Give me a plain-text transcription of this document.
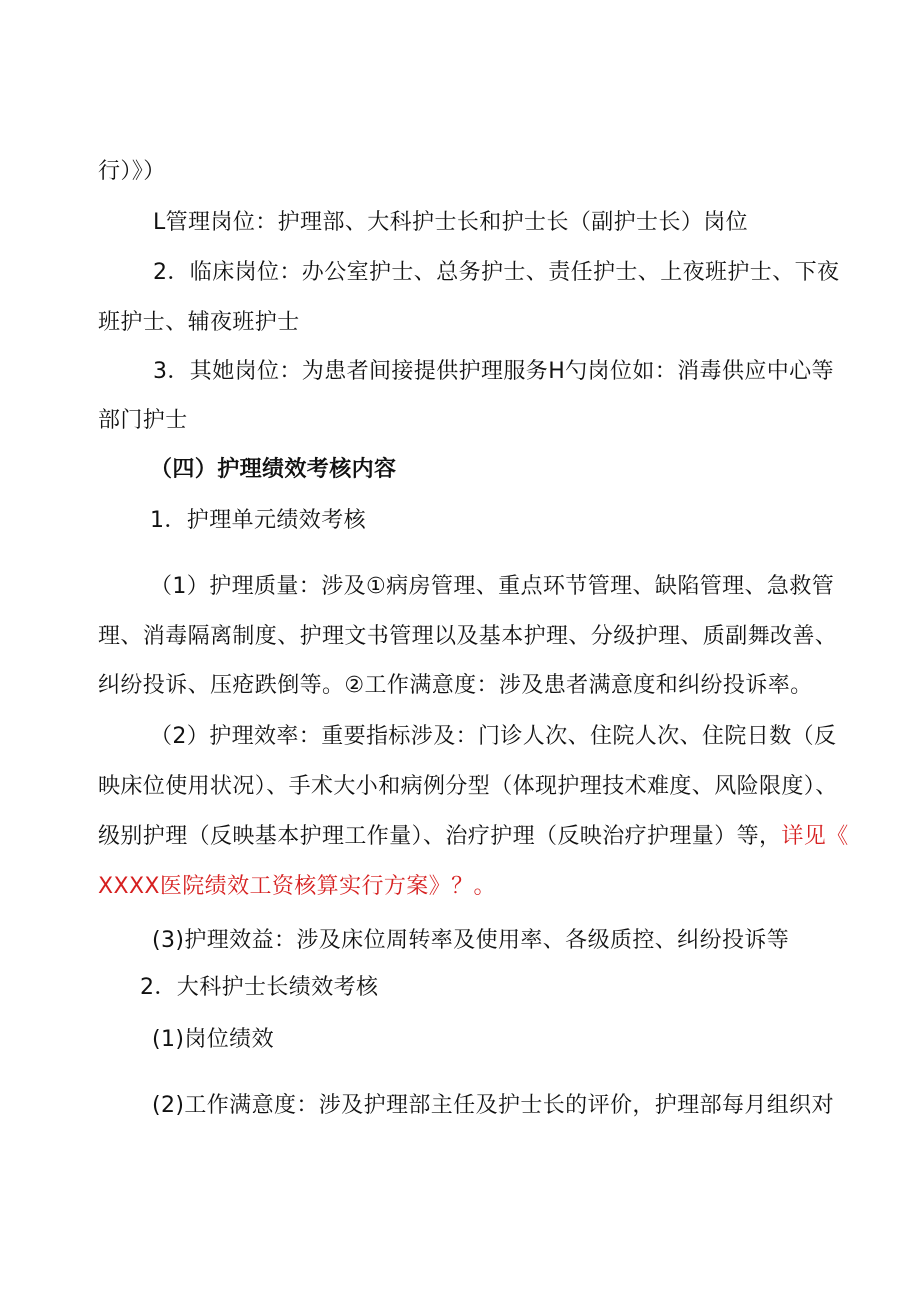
行）》）
L管理岗位：护理部、大科护士长和护士长（副护士长）岗位
2．临床岗位：办公室护士、总务护士、责任护士、上夜班护士、下夜
班护士、辅夜班护士
3．其她岗位：为患者间接提供护理服务H勺岗位如：消毒供应中心等
部门护士
（四）护理绩效考核内容
1．护理单元绩效考核
（1）护理质量：涉及①病房管理、重点环节管理、缺陷管理、急救管
理、消毒隔离制度、护理文书管理以及基本护理、分级护理、质副舞改善、
纠纷投诉、压疮跌倒等。②工作满意度：涉及患者满意度和纠纷投诉率。
（2）护理效率：重要指标涉及：门诊人次、住院人次、住院日数（反
映床位使用状况）、手术大小和病例分型（体现护理技术难度、风险限度）、
级别护理（反映基本护理工作量）、治疗护理（反映治疗护理量）等，详见《
XXXX医院绩效工资核算实行方案》？。
(3)护理效益：涉及床位周转率及使用率、各级质控、纠纷投诉等
2．大科护士长绩效考核
(1)岗位绩效
(2)工作满意度：涉及护理部主任及护士长的评价，护理部每月组织对
